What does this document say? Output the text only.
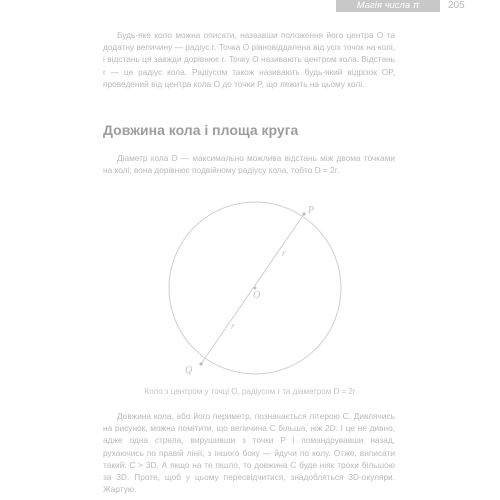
Магія числа π	205

Будь-яке коло можна описати, назвавши положення його центра O та додатну величину — радіус r. Точка O рівновіддалена від усіх точок на колі, і відстань ця завжди дорівнює r. Точку O називають центром кола. Відстань r — це радіус кола. Радіусом також називають будь-який відрізок OP, проведений від центра кола O до точки P, що лежить на цьому колі.

Довжина кола і площа круга

Діаметр кола D — максимально можлива відстань між двома точками на колі; вона дорівнює подвійному радіусу кола, тобто D = 2r.

P
Q
O
r
r
Коло з центром у точці O, радіусом r та діаметром D = 2r

Довжина кола, або його периметр, позначається літерою C. Дивлячись на рисунок, можна помітити, що величина C більша, ніж 2D. І це не дивно, адже одна стрела, вирушивши з точки P і помандрувавши назад, рухаючись по правій лінії, з іншого боку — йдучи по колу. Отже, виписати такий: C > 3D. А якщо на те пішло, то довжина C буде ніяк трохи більшою за 3D. Проте, щоб у цьому пересвідчитися, знадобляться 3D-окуляри. Жартую.
